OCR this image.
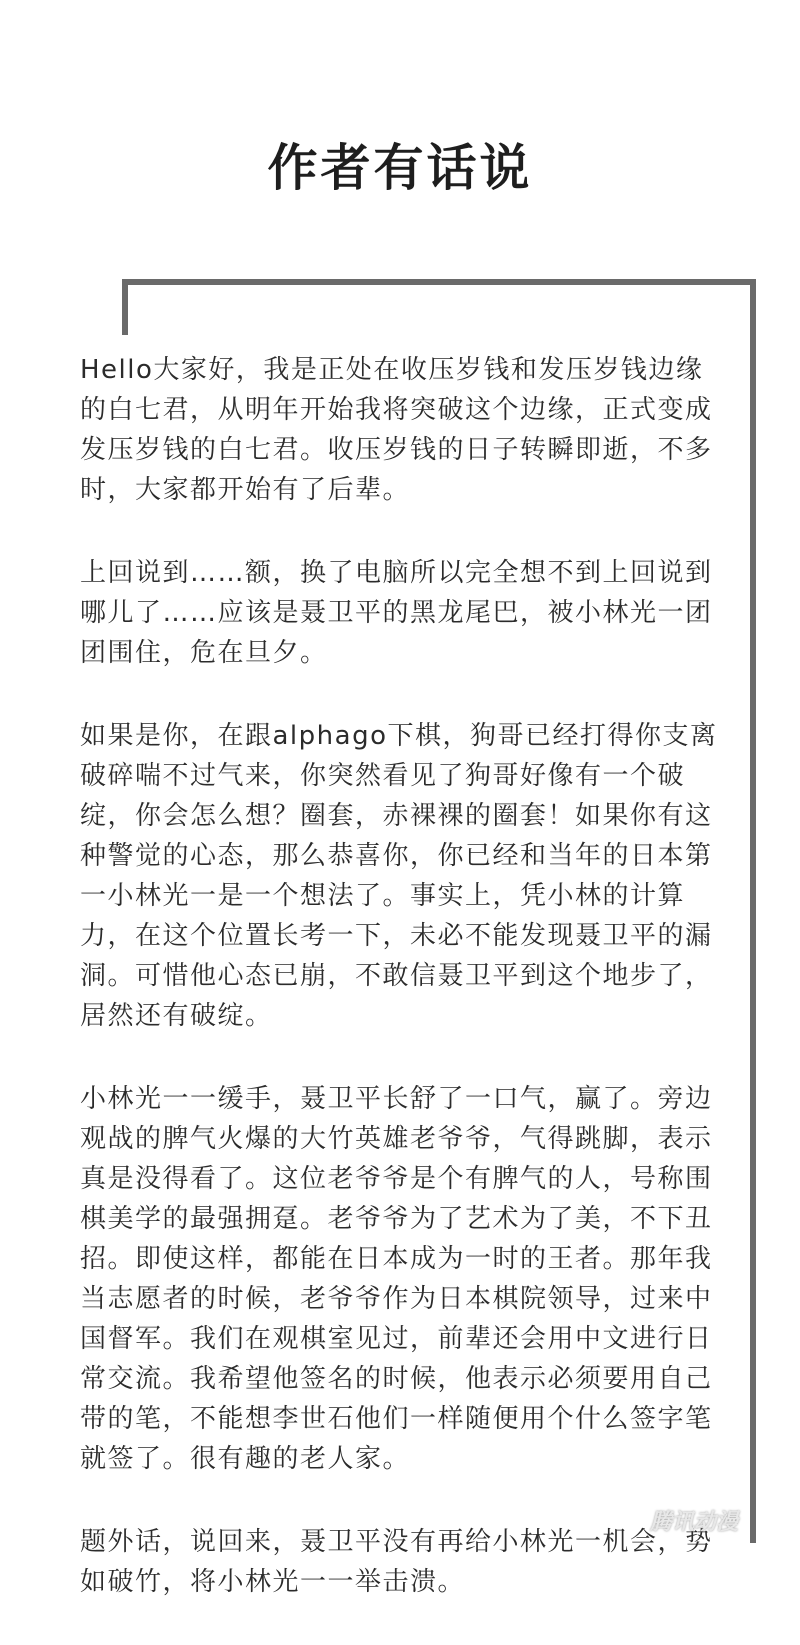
作者有话说

Hello大家好，我是正处在收压岁钱和发压岁钱边缘的白七君，从明年开始我将突破这个边缘，正式变成发压岁钱的白七君。收压岁钱的日子转瞬即逝，不多时，大家都开始有了后辈。

上回说到……额，换了电脑所以完全想不到上回说到哪儿了……应该是聂卫平的黑龙尾巴，被小林光一团团围住，危在旦夕。

如果是你，在跟alphago下棋，狗哥已经打得你支离破碎喘不过气来，你突然看见了狗哥好像有一个破绽，你会怎么想？圈套，赤裸裸的圈套！如果你有这种警觉的心态，那么恭喜你，你已经和当年的日本第一小林光一是一个想法了。事实上，凭小林的计算力，在这个位置长考一下，未必不能发现聂卫平的漏洞。可惜他心态已崩，不敢信聂卫平到这个地步了，居然还有破绽。

小林光一一缓手，聂卫平长舒了一口气，赢了。旁边观战的脾气火爆的大竹英雄老爷爷，气得跳脚，表示真是没得看了。这位老爷爷是个有脾气的人，号称围棋美学的最强拥趸。老爷爷为了艺术为了美，不下丑招。即使这样，都能在日本成为一时的王者。那年我当志愿者的时候，老爷爷作为日本棋院领导，过来中国督军。我们在观棋室见过，前辈还会用中文进行日常交流。我希望他签名的时候，他表示必须要用自己带的笔，不能想李世石他们一样随便用个什么签字笔就签了。很有趣的老人家。

题外话，说回来，聂卫平没有再给小林光一机会，势如破竹，将小林光一一举击溃。

腾讯动漫
